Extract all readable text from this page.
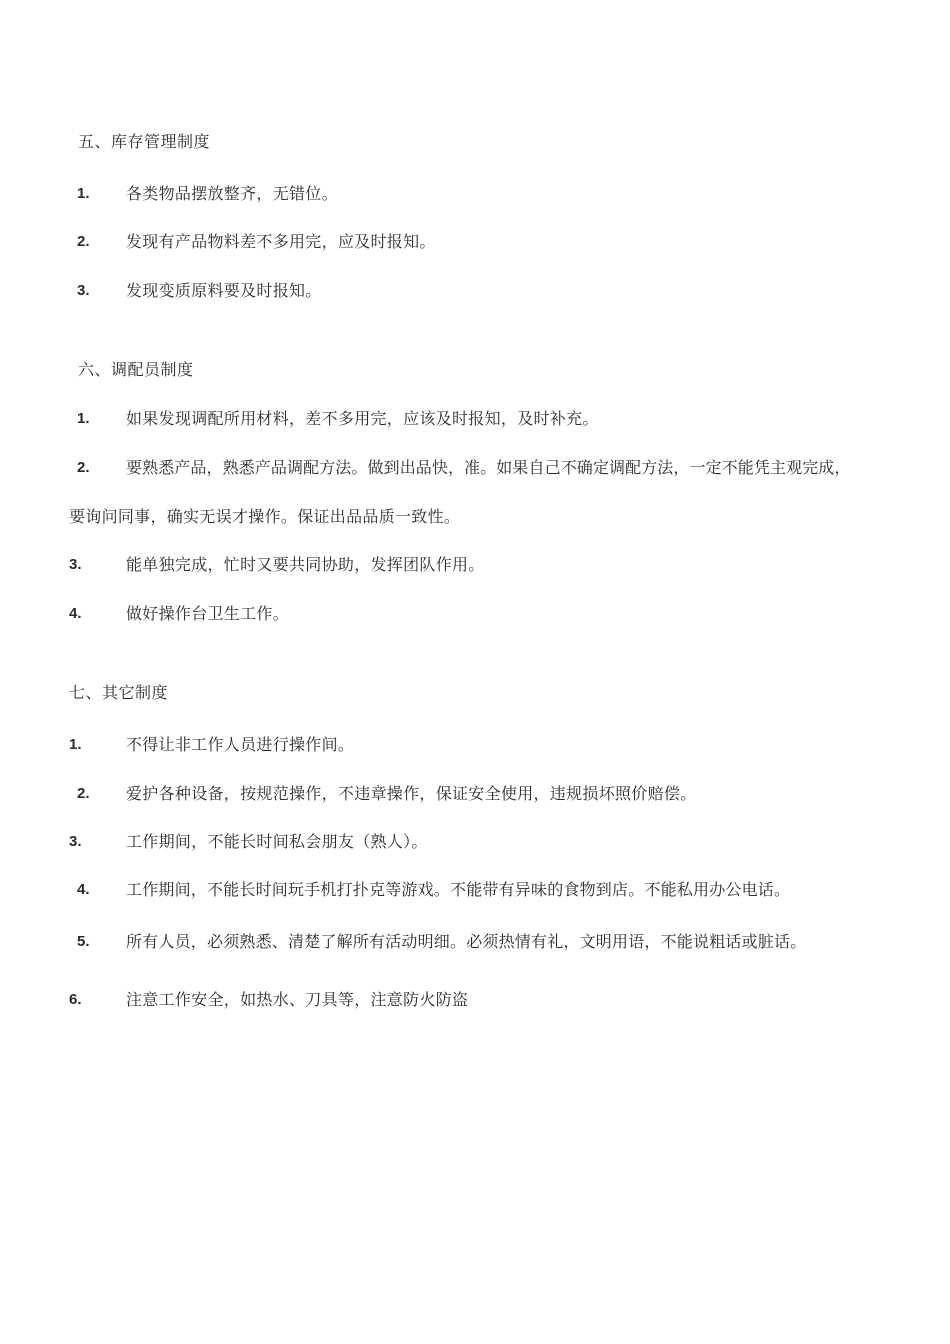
五、库存管理制度
1. 各类物品摆放整齐，无错位。
2. 发现有产品物料差不多用完，应及时报知。
3. 发现变质原料要及时报知。
六、调配员制度
1. 如果发现调配所用材料，差不多用完，应该及时报知，及时补充。
2. 要熟悉产品，熟悉产品调配方法。做到出品快，准。如果自己不确定调配方法，一定不能凭主观完成，
要询问同事，确实无误才操作。保证出品品质一致性。
3.	能单独完成，忙时又要共同协助，发挥团队作用。
4.	做好操作台卫生工作。
七、其它制度
1.	不得让非工作人员进行操作间。
2. 爱护各种设备，按规范操作，不违章操作，保证安全使用，违规损坏照价赔偿。
3.	工作期间，不能长时间私会朋友（熟人）。
4. 工作期间，不能长时间玩手机打扑克等游戏。不能带有异味的食物到店。不能私用办公电话。
5. 所有人员，必须熟悉、清楚了解所有活动明细。必须热情有礼，文明用语，不能说粗话或脏话。
6.	注意工作安全，如热水、刀具等，注意防火防盗
